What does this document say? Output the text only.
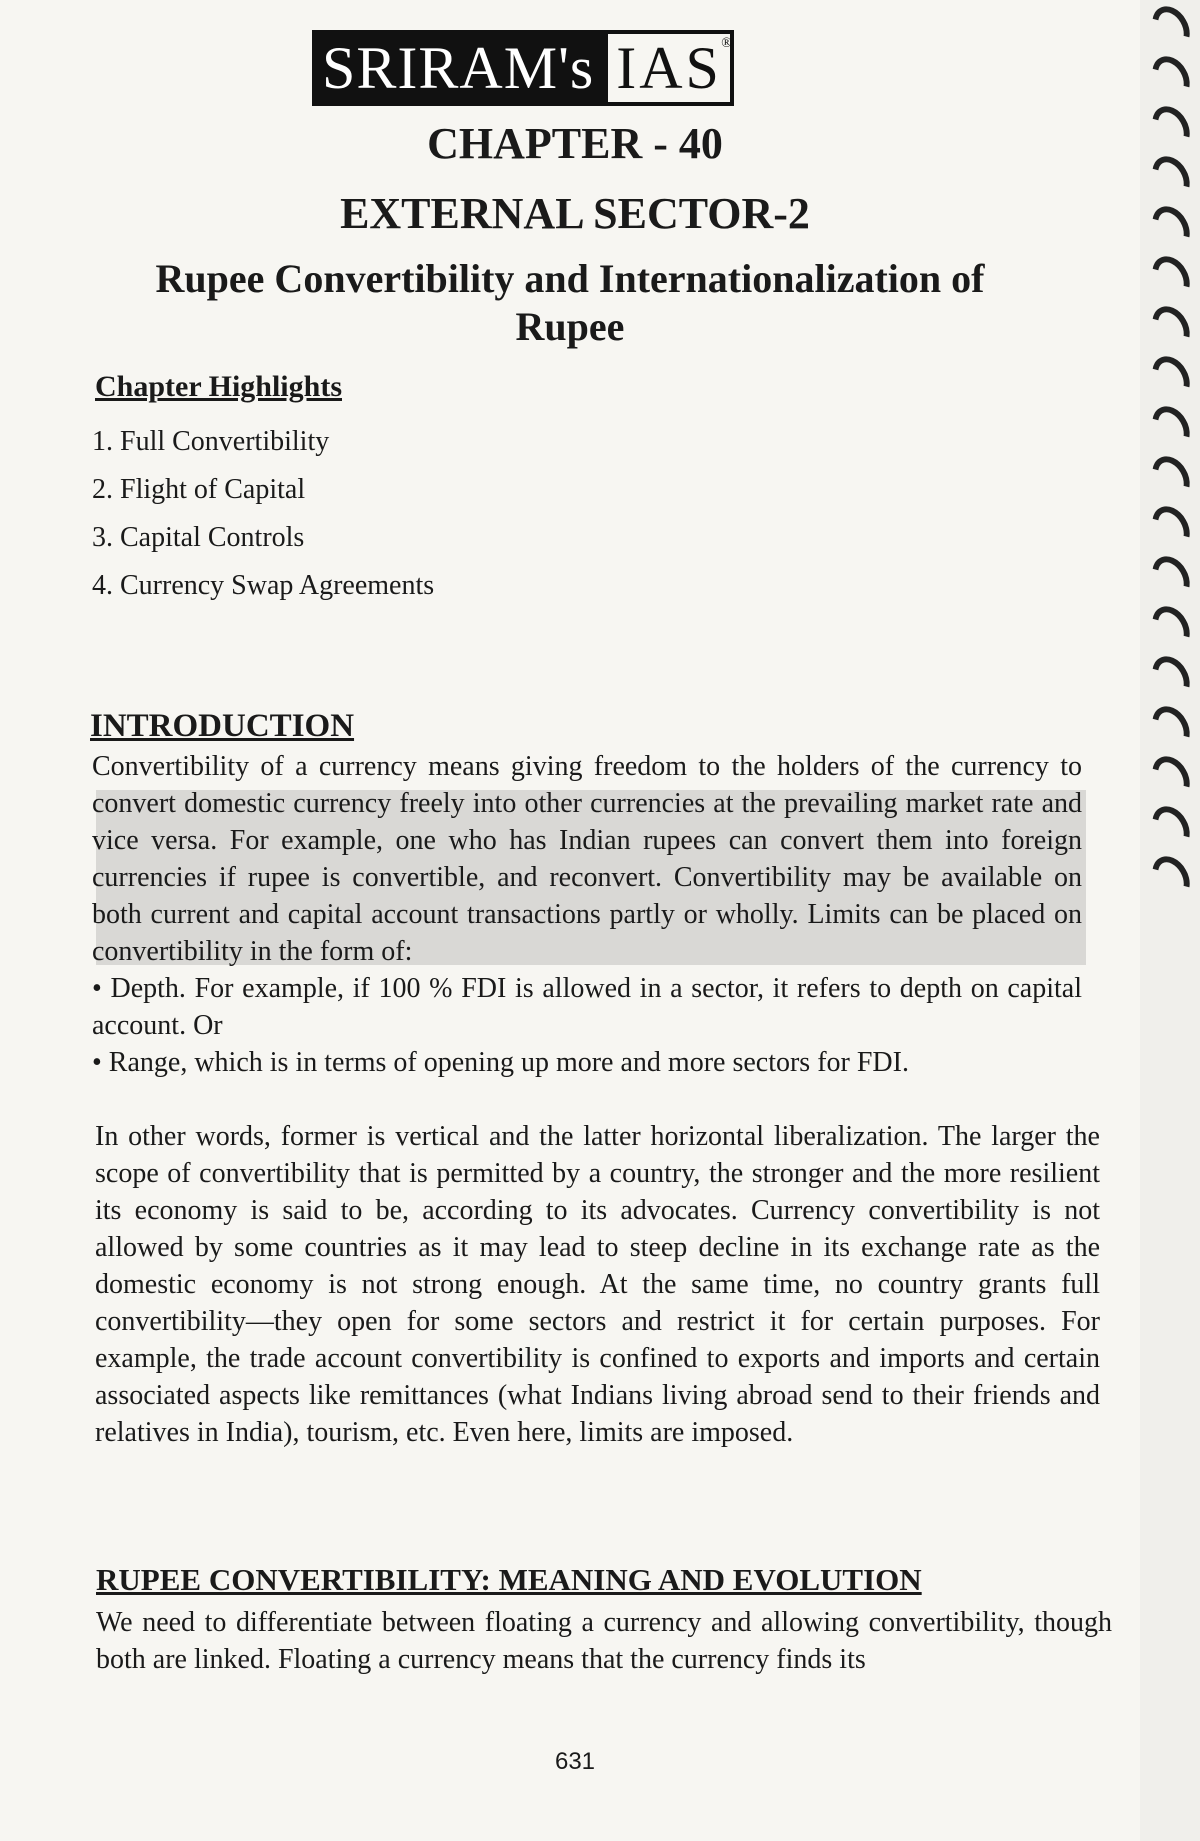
SRIRAM's IAS ®
CHAPTER - 40
EXTERNAL SECTOR-2
Rupee Convertibility and Internationalization of Rupee
Chapter Highlights
1. Full Convertibility
2. Flight of Capital
3. Capital Controls
4. Currency Swap Agreements
INTRODUCTION

Convertibility of a currency means giving freedom to the holders of the currency to convert domestic currency freely into other currencies at the prevailing market rate and vice versa. For example, one who has Indian rupees can convert them into foreign currencies if rupee is convertible, and reconvert. Convertibility may be available on both current and capital account transactions partly or wholly. Limits can be placed on convertibility in the form of:

• Depth. For example, if 100 % FDI is allowed in a sector, it refers to depth on capital account. Or

• Range, which is in terms of opening up more and more sectors for FDI.

In other words, former is vertical and the latter horizontal liberalization. The larger the scope of convertibility that is permitted by a country, the stronger and the more resilient its economy is said to be, according to its advocates. Currency convertibility is not allowed by some countries as it may lead to steep decline in its exchange rate as the domestic economy is not strong enough. At the same time, no country grants full convertibility—they open for some sectors and restrict it for certain purposes. For example, the trade account convertibility is confined to exports and imports and certain associated aspects like remittances (what Indians living abroad send to their friends and relatives in India), tourism, etc. Even here, limits are imposed.
RUPEE CONVERTIBILITY: MEANING AND EVOLUTION
We need to differentiate between floating a currency and allowing convertibility, though both are linked. Floating a currency means that the currency finds its
631
